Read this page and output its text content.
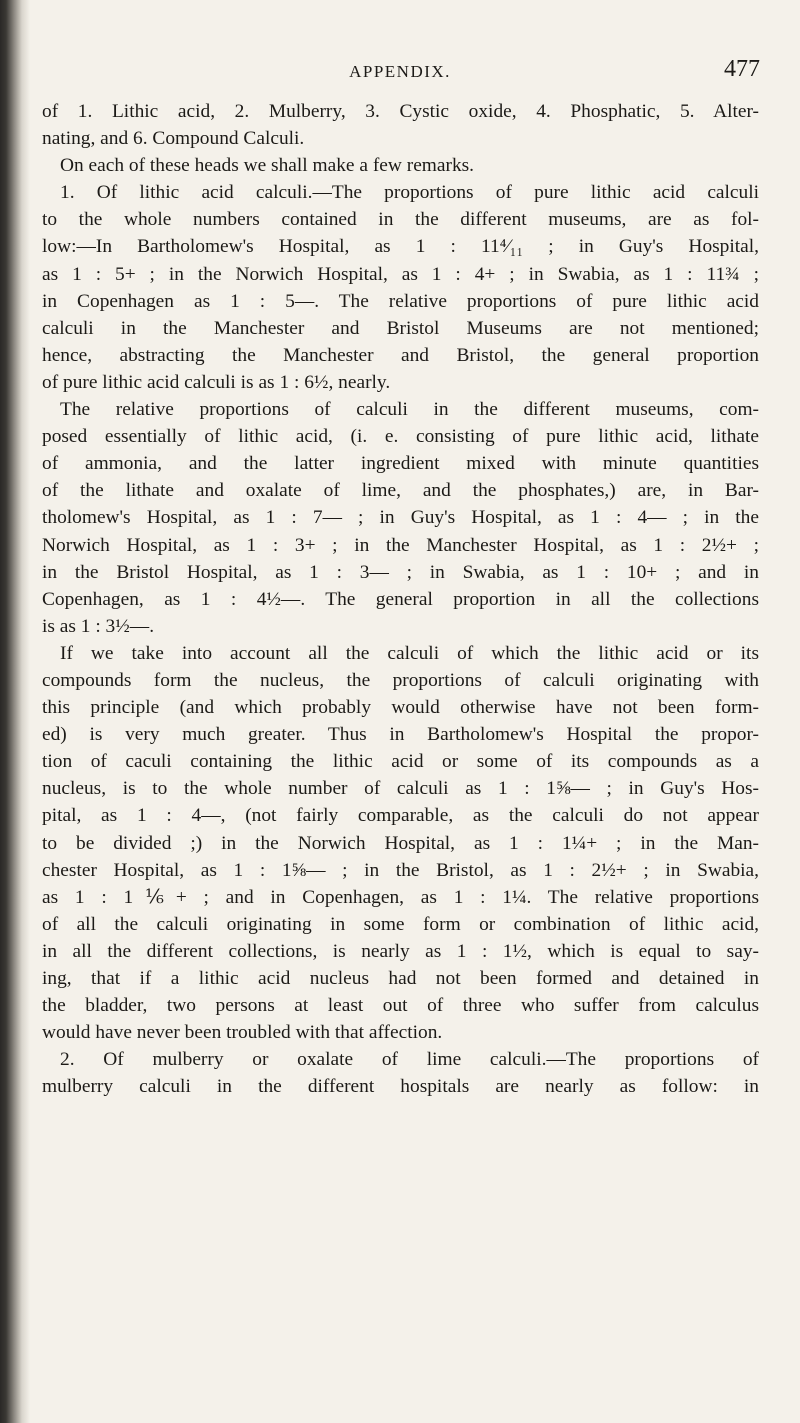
APPENDIX.	477
of 1. Lithic acid, 2. Mulberry, 3. Cystic oxide, 4. Phosphatic, 5. Alter-
nating, and 6. Compound Calculi.
On each of these heads we shall make a few remarks.
1. Of lithic acid calculi.—The proportions of pure lithic acid calculi
to the whole numbers contained in the different museums, are as fol-
low:—In Bartholomew's Hospital, as 1 : 11⁴⁄₁₁ ; in Guy's Hospital,
as 1 : 5+ ; in the Norwich Hospital, as 1 : 4+ ; in Swabia, as 1 : 11¾ ;
in Copenhagen as 1 : 5—. The relative proportions of pure lithic acid
calculi in the Manchester and Bristol Museums are not mentioned;
hence, abstracting the Manchester and Bristol, the general proportion
of pure lithic acid calculi is as 1 : 6½, nearly.
The relative proportions of calculi in the different museums, com-
posed essentially of lithic acid, (i. e. consisting of pure lithic acid, lithate
of ammonia, and the latter ingredient mixed with minute quantities
of the lithate and oxalate of lime, and the phosphates,) are, in Bar-
tholomew's Hospital, as 1 : 7— ; in Guy's Hospital, as 1 : 4— ; in the
Norwich Hospital, as 1 : 3+ ; in the Manchester Hospital, as 1 : 2½+ ;
in the Bristol Hospital, as 1 : 3— ; in Swabia, as 1 : 10+ ; and in
Copenhagen, as 1 : 4½—. The general proportion in all the collections
is as 1 : 3½—.
If we take into account all the calculi of which the lithic acid or its
compounds form the nucleus, the proportions of calculi originating with
this principle (and which probably would otherwise have not been form-
ed) is very much greater. Thus in Bartholomew's Hospital the propor-
tion of caculi containing the lithic acid or some of its compounds as a
nucleus, is to the whole number of calculi as 1 : 1⅝— ; in Guy's Hos-
pital, as 1 : 4—, (not fairly comparable, as the calculi do not appear
to be divided ;) in the Norwich Hospital, as 1 : 1¼+ ; in the Man-
chester Hospital, as 1 : 1⅝— ; in the Bristol, as 1 : 2½+ ; in Swabia,
as 1 : 1⅙+ ; and in Copenhagen, as 1 : 1¼. The relative proportions
of all the calculi originating in some form or combination of lithic acid,
in all the different collections, is nearly as 1 : 1½, which is equal to say-
ing, that if a lithic acid nucleus had not been formed and detained in
the bladder, two persons at least out of three who suffer from calculus
would have never been troubled with that affection.
2. Of mulberry or oxalate of lime calculi.—The proportions of
mulberry calculi in the different hospitals are nearly as follow: in
